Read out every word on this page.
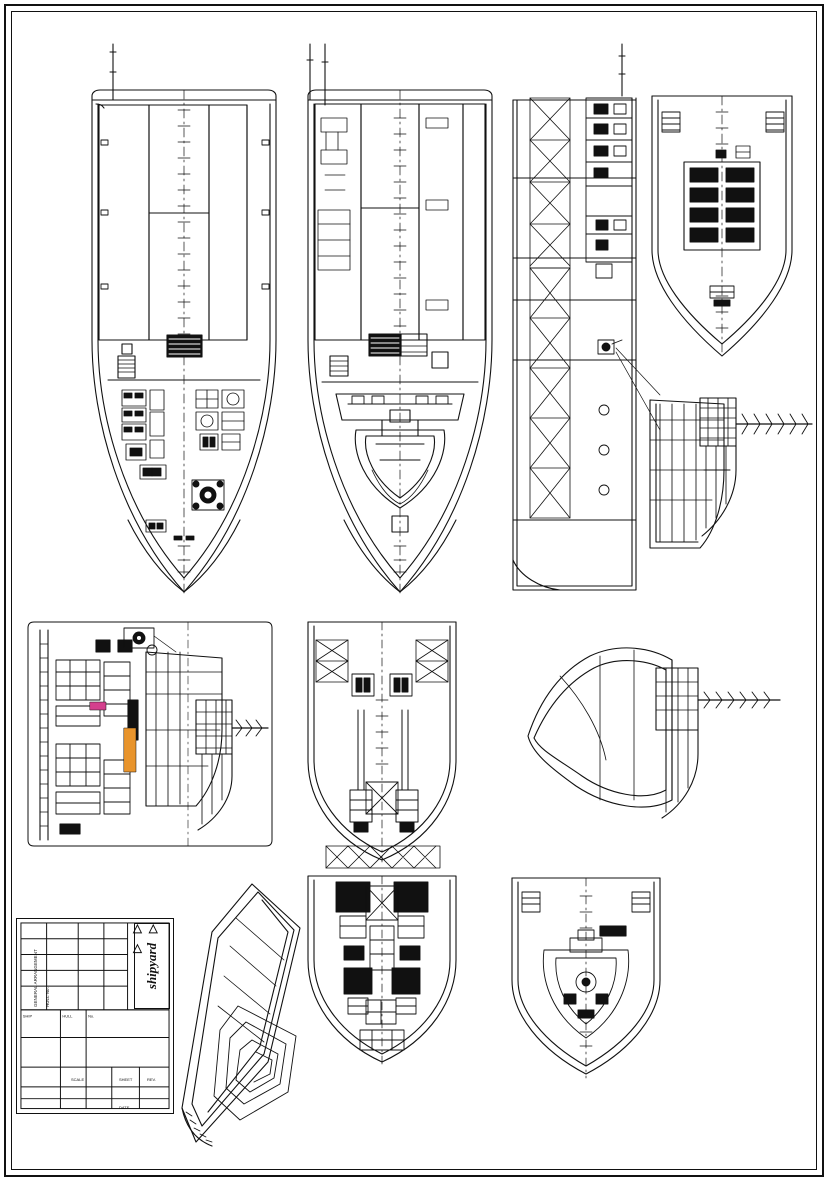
SHIP	HULL	No.
shipyard
GENERAL ARRANGEMENT HULL No.
SCALE	SHEET	REV.
DATE
